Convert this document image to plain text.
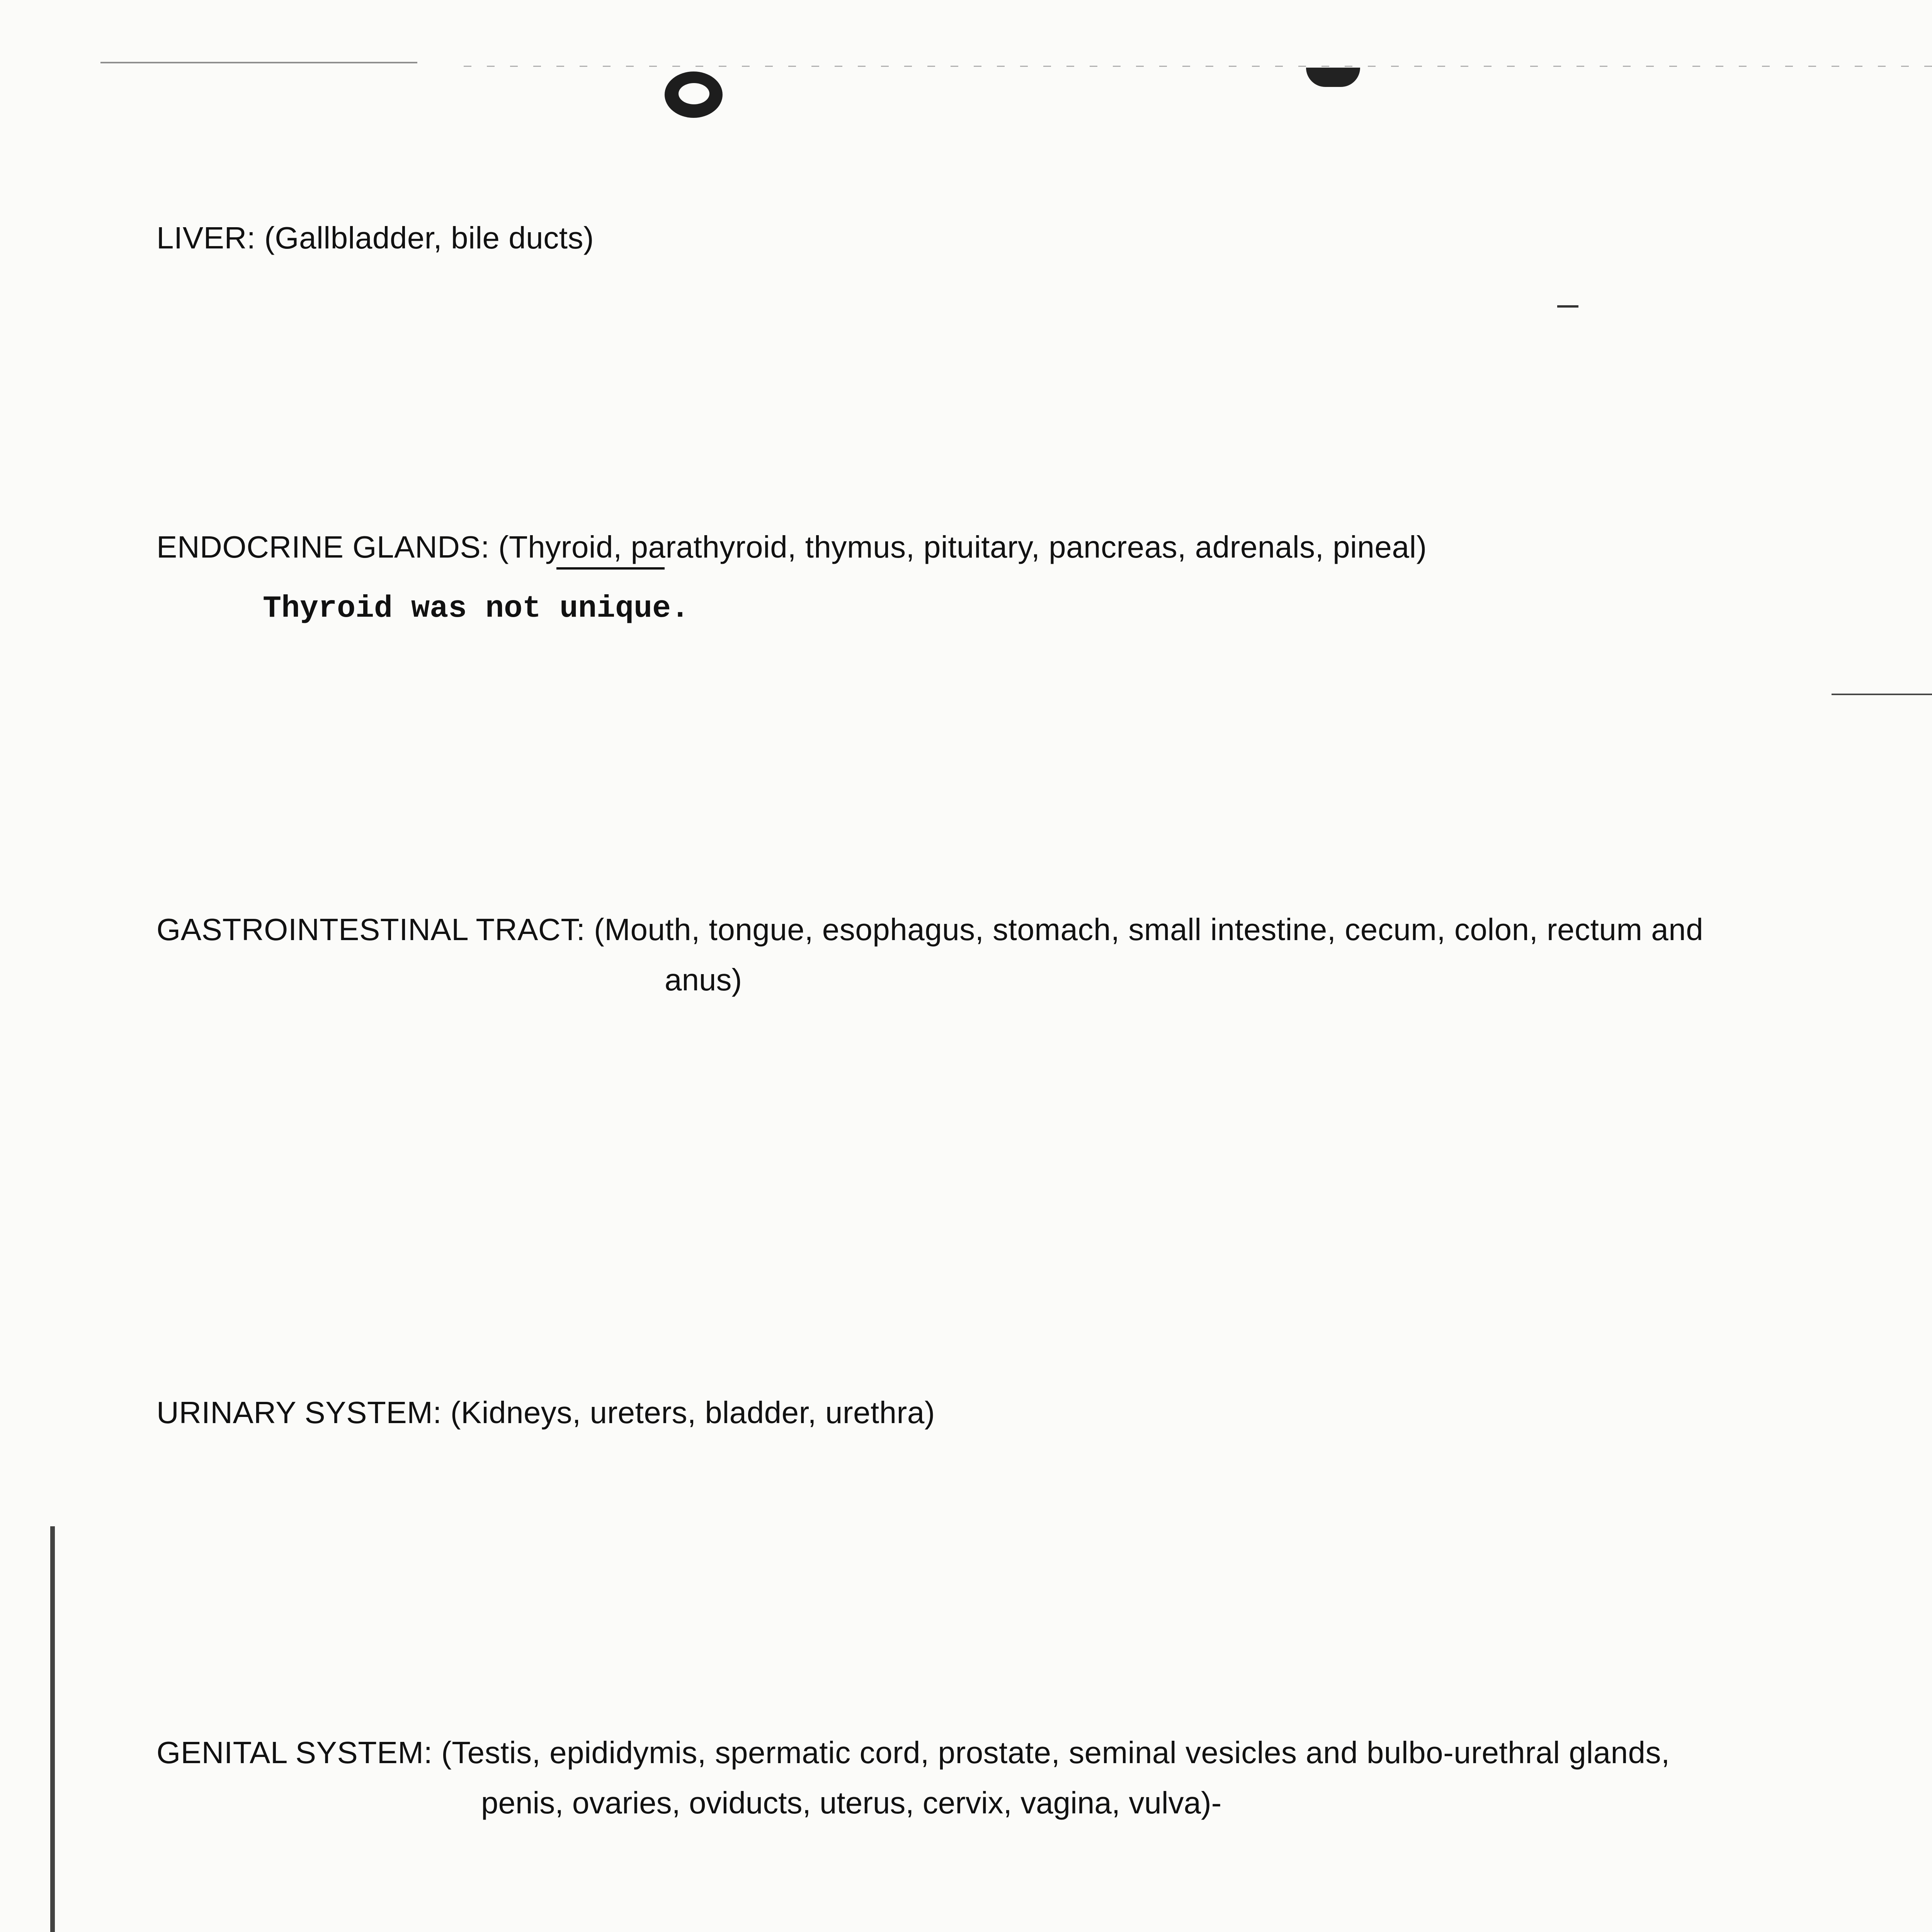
LIVER: (Gallbladder, bile ducts)
ENDOCRINE GLANDS: (Thyroid, parathyroid, thymus, pituitary, pancreas, adrenals, pineal)
Thyroid was not unique.
GASTROINTESTINAL TRACT: (Mouth, tongue, esophagus, stomach, small intestine, cecum, colon, rectum and
anus)
URINARY SYSTEM: (Kidneys, ureters, bladder, urethra)
GENITAL SYSTEM: (Testis, epididymis, spermatic cord, prostate, seminal vesicles and bulbo-urethral glands,
penis, ovaries, oviducts, uterus, cervix, vagina, vulva)-
